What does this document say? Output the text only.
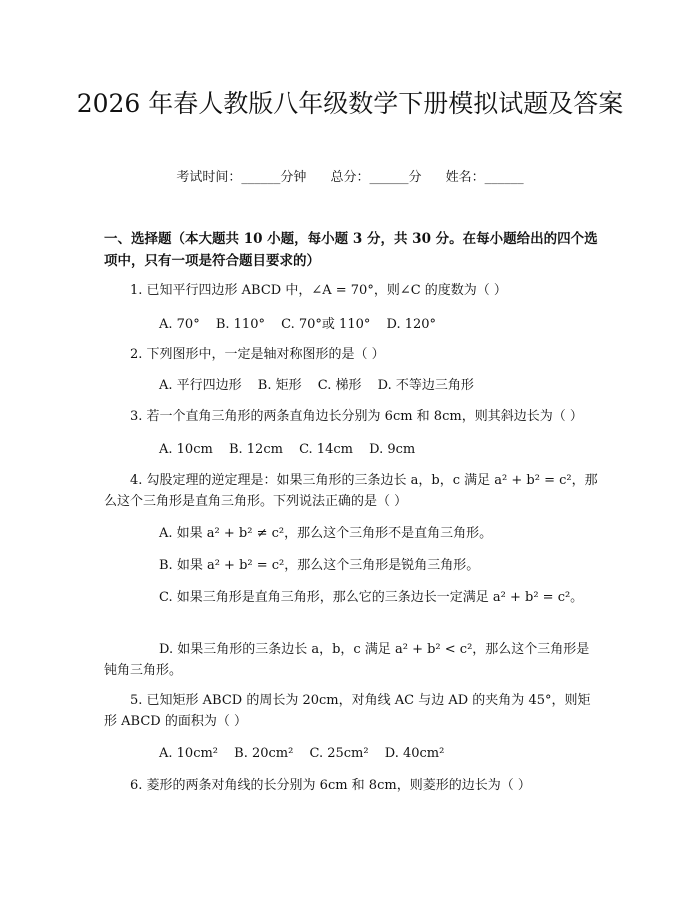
2026 年春人教版八年级数学下册模拟试题及答案
考试时间：______分钟 总分：______分 姓名：______
一、选择题（本大题共 10 小题，每小题 3 分，共 30 分。在每小题给出的四个选项中，只有一项是符合题目要求的）
1. 已知平行四边形 ABCD 中，∠A = 70°，则∠C 的度数为（ ）
A. 70° B. 110° C. 70°或 110° D. 120°
2. 下列图形中，一定是轴对称图形的是（ ）
A. 平行四边形 B. 矩形 C. 梯形 D. 不等边三角形
3. 若一个直角三角形的两条直角边长分别为 6cm 和 8cm，则其斜边长为（ ）
A. 10cm B. 12cm C. 14cm D. 9cm
4. 勾股定理的逆定理是：如果三角形的三条边长 a，b，c 满足 a² + b² = c²，那么这个三角形是直角三角形。下列说法正确的是（ ）
A. 如果 a² + b² ≠ c²，那么这个三角形不是直角三角形。
B. 如果 a² + b² = c²，那么这个三角形是锐角三角形。
C. 如果三角形是直角三角形，那么它的三条边长一定满足 a² + b² = c²。
D. 如果三角形的三条边长 a，b，c 满足 a² + b² < c²，那么这个三角形是钝角三角形。
5. 已知矩形 ABCD 的周长为 20cm，对角线 AC 与边 AD 的夹角为 45°，则矩形 ABCD 的面积为（ ）
A. 10cm² B. 20cm² C. 25cm² D. 40cm²
6. 菱形的两条对角线的长分别为 6cm 和 8cm，则菱形的边长为（ ）
